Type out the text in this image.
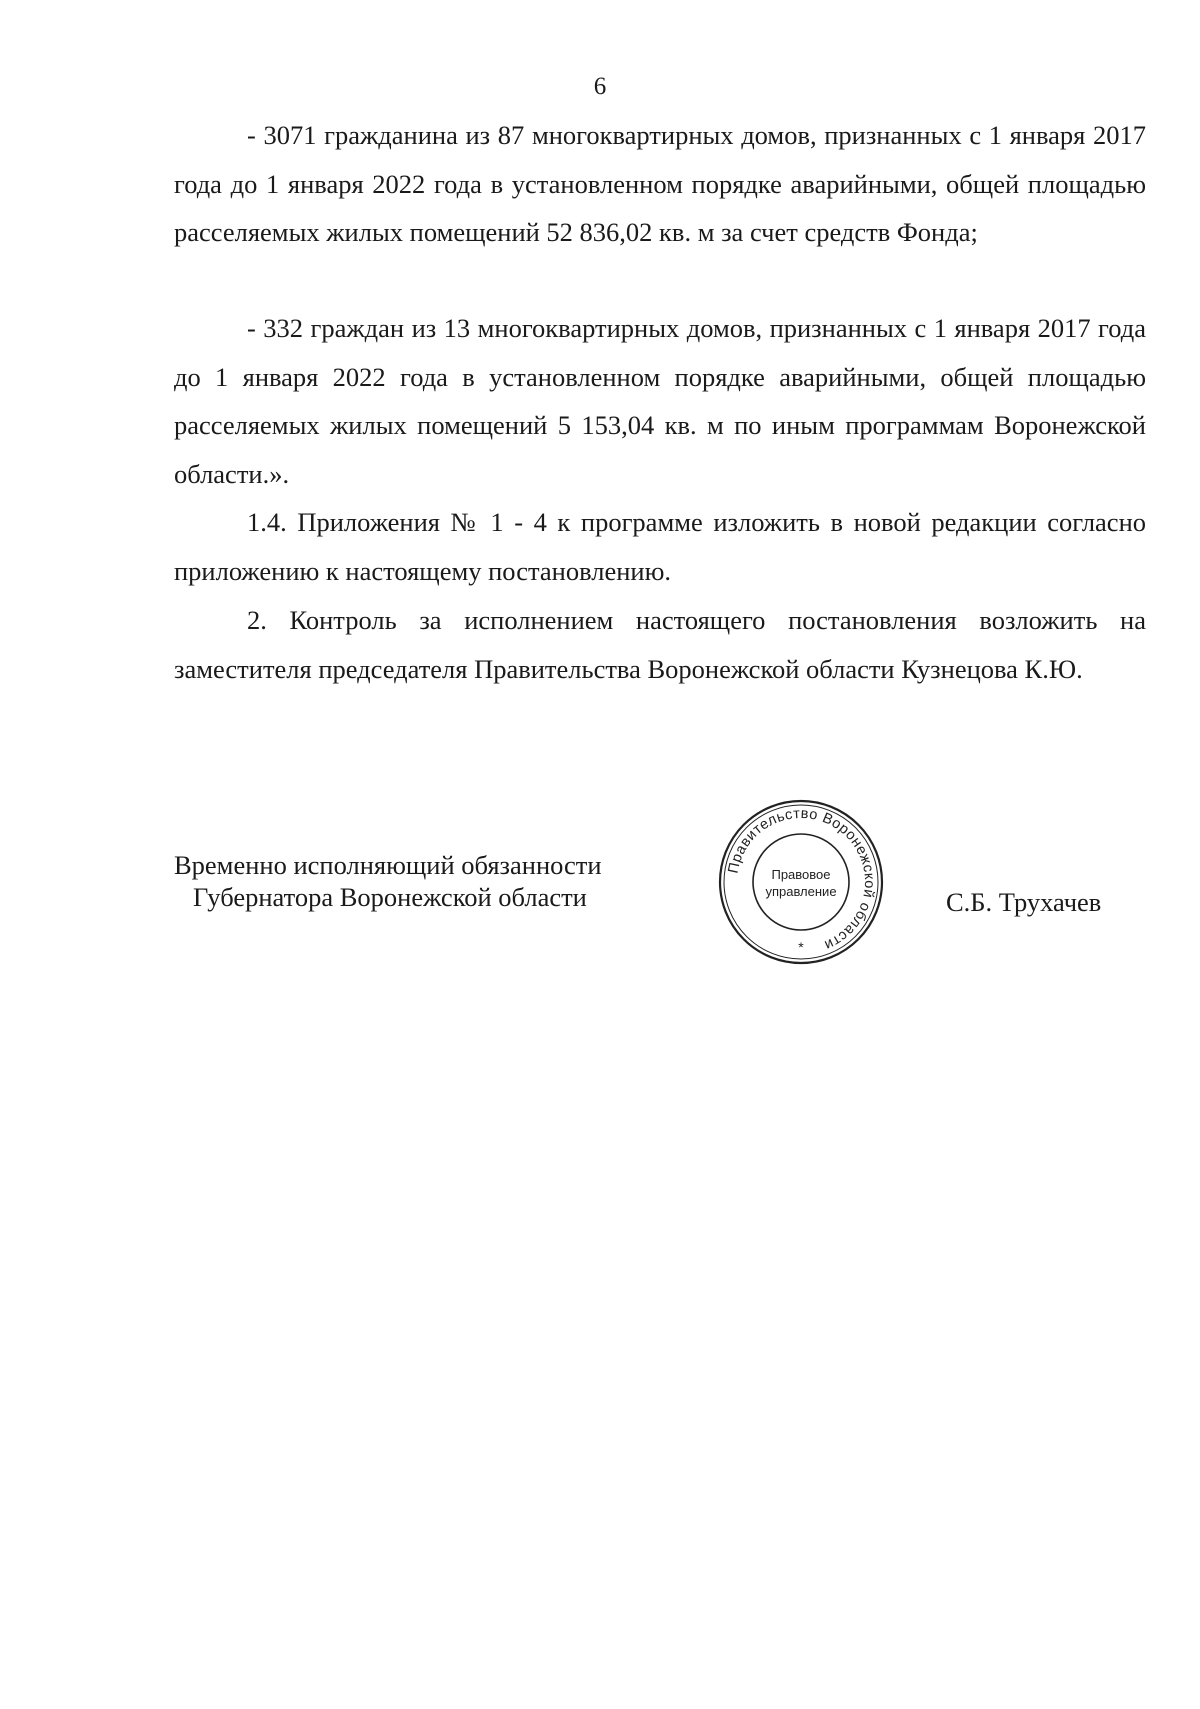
6

- 3071 гражданина из 87 многоквартирных домов, признанных с 1 января 2017 года до 1 января 2022 года в установленном порядке аварийными, общей площадью расселяемых жилых помещений 52 836,02 кв. м за счет средств Фонда;

- 332 граждан из 13 многоквартирных домов, признанных с 1 января 2017 года до 1 января 2022 года в установленном порядке аварийными, общей площадью расселяемых жилых помещений 5 153,04 кв. м по иным программам Воронежской области.».

1.4. Приложения № 1 - 4 к программе изложить в новой редакции согласно приложению к настоящему постановлению.

2. Контроль за исполнением настоящего постановления возложить на заместителя председателя Правительства Воронежской области Кузнецова К.Ю.

Временно исполняющий обязанности
Губернатора Воронежской области
Правительство Воронежской области
Правовое
управление
*
С.Б. Трухачев
